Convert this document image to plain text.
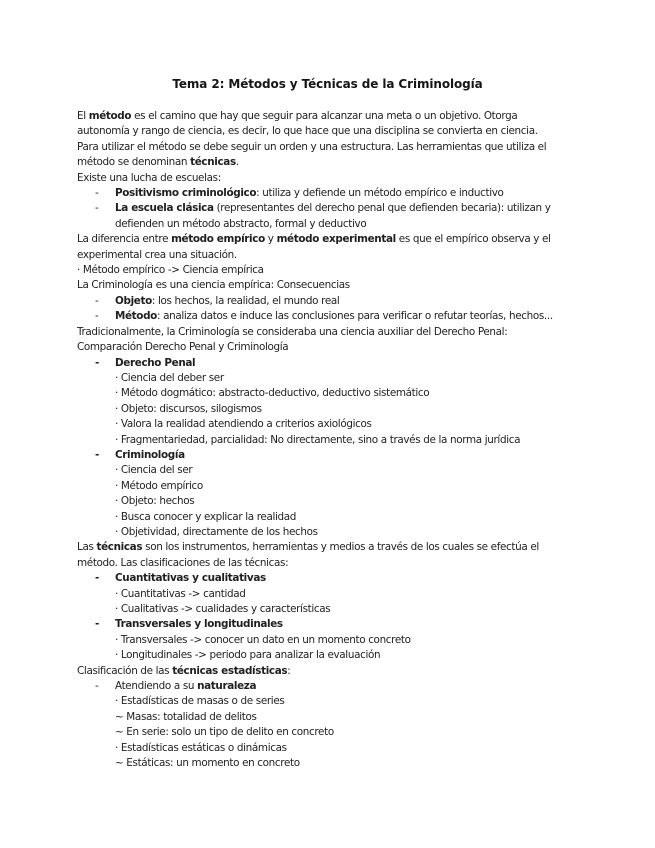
Tema 2: Métodos y Técnicas de la Criminología
El método es el camino que hay que seguir para alcanzar una meta o un objetivo. Otorga
autonomía y rango de ciencia, es decir, lo que hace que una disciplina se convierta en ciencia.
Para utilizar el método se debe seguir un orden y una estructura. Las herramientas que utiliza el
método se denominan técnicas.
Existe una lucha de escuelas:
- Positivismo criminológico: utiliza y defiende un método empírico e inductivo
- La escuela clásica (representantes del derecho penal que defienden becaria): utilizan y
defienden un método abstracto, formal y deductivo
La diferencia entre método empírico y método experimental es que el empírico observa y el
experimental crea una situación.
· Método empírico -> Ciencia empírica
La Criminología es una ciencia empírica: Consecuencias
- Objeto: los hechos, la realidad, el mundo real
- Método: analiza datos e induce las conclusiones para verificar o refutar teorías, hechos...
Tradicionalmente, la Criminología se consideraba una ciencia auxiliar del Derecho Penal:
Comparación Derecho Penal y Criminología
- Derecho Penal
· Ciencia del deber ser
· Método dogmático: abstracto-deductivo, deductivo sistemático
· Objeto: discursos, silogismos
· Valora la realidad atendiendo a criterios axiológicos
· Fragmentariedad, parcialidad: No directamente, sino a través de la norma jurídica
- Criminología
· Ciencia del ser
· Método empírico
· Objeto: hechos
· Busca conocer y explicar la realidad
· Objetividad, directamente de los hechos
Las técnicas son los instrumentos, herramientas y medios a través de los cuales se efectúa el
método. Las clasificaciones de las técnicas:
- Cuantitativas y cualitativas
· Cuantitativas -> cantidad
· Cualitativas -> cualidades y características
- Transversales y longitudinales
· Transversales -> conocer un dato en un momento concreto
· Longitudinales -> periodo para analizar la evaluación
Clasificación de las técnicas estadísticas:
- Atendiendo a su naturaleza
· Estadísticas de masas o de series
~ Masas: totalidad de delitos
~ En serie: solo un tipo de delito en concreto
· Estadísticas estáticas o dinámicas
~ Estáticas: un momento en concreto
